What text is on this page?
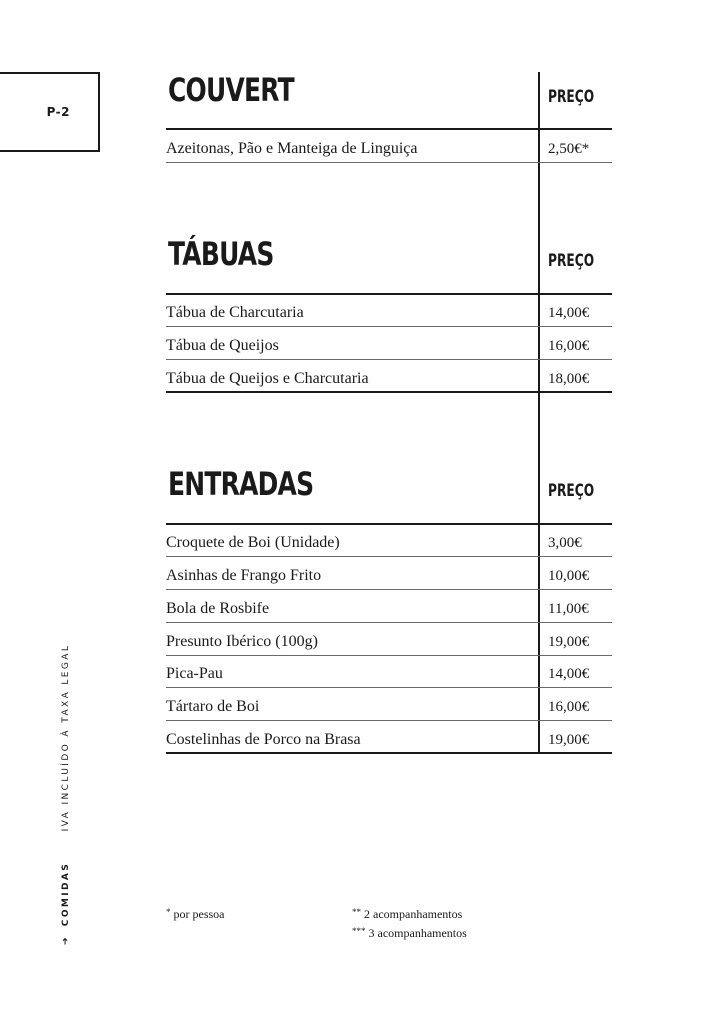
P-2
COUVERT	PREÇO
Azeitonas, Pão e Manteiga de Linguiça	2,50€*
TÁBUAS	PREÇO
Tábua de Charcutaria	14,00€
Tábua de Queijos	16,00€
Tábua de Queijos e Charcutaria	18,00€
ENTRADAS	PREÇO
Croquete de Boi (Unidade)	3,00€
Asinhas de Frango Frito	10,00€
Bola de Rosbife	11,00€
Presunto Ibérico (100g)	19,00€
Pica-Pau	14,00€
Tártaro de Boi	16,00€
Costelinhas de Porco na Brasa	19,00€
* por pessoa	** 2 acompanhamentos
*** 3 acompanhamentos
➔ COMIDAS  IVA INCLUÍDO À TAXA LEGAL
